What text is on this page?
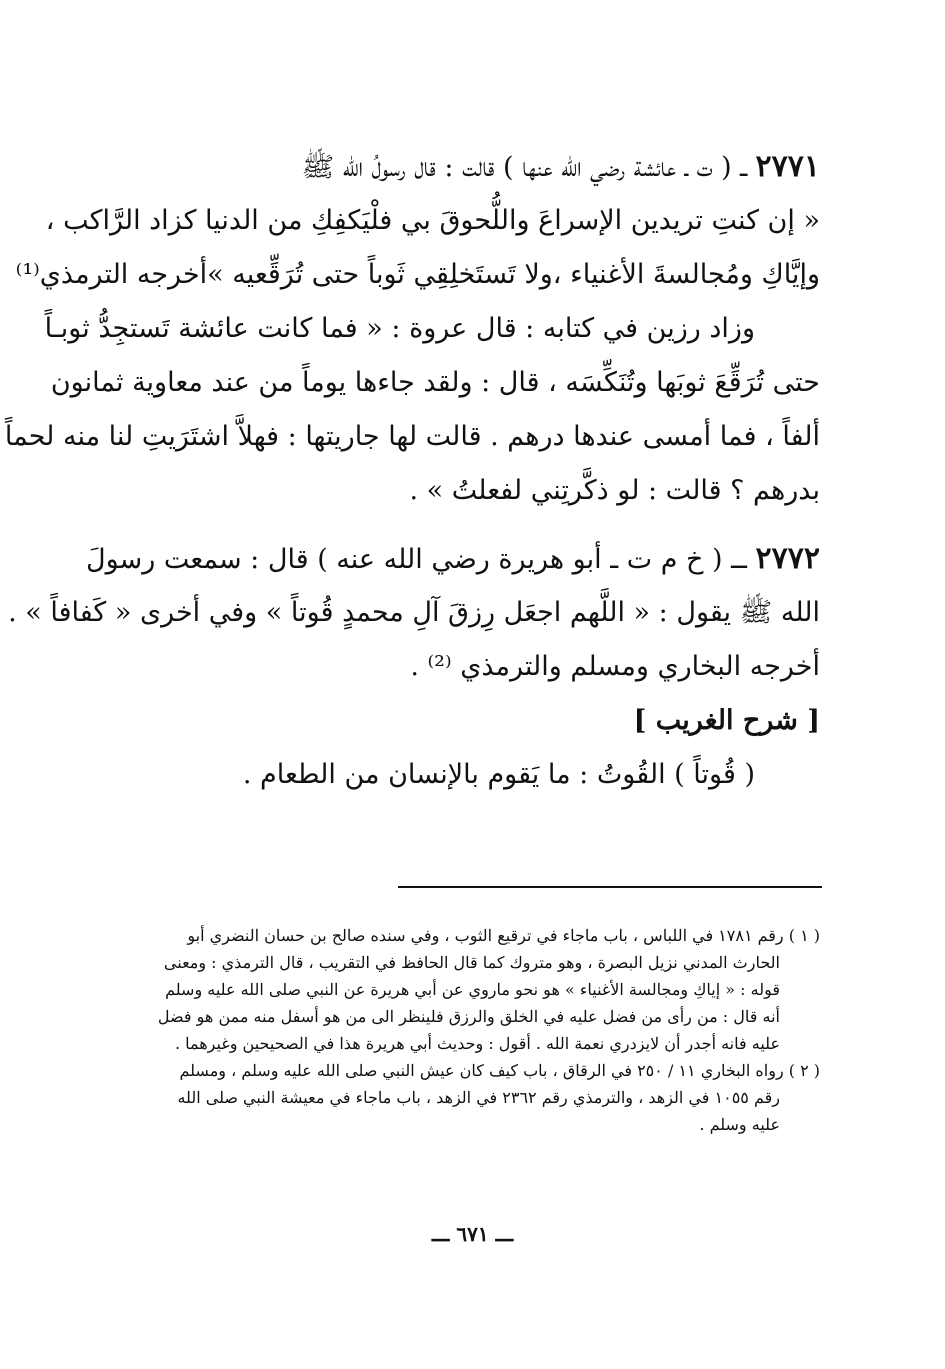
٢٧٧١ ــ ( ت ـ عائشة رضي الله عنها ) قالت : قال رسولُ الله ﷺ
« إن كنتِ تريدين الإسراعَ واللُّحوقَ بي فلْيَكفِكِ من الدنيا كزاد الرَّاكب ،
وإيَّاكِ ومُجالسةَ الأغنياء ،ولا تَستَخلِقِي ثَوباً حتى تُرَقِّعيه »أخرجه الترمذي⁽¹⁾
وزاد رزين في كتابه : قال عروة : « فما كانت عائشة تَستجِدُّ ثوبـاً
حتى تُرَقِّعَ ثوبَها وتُنَكِّسَه ، قال : ولقد جاءها يوماً من عند معاوية ثمانون
ألفاً ، فما أمسى عندها درهم . قالت لها جاريتها : فهلاَّ اشتَرَيتِ لنا منه لحماً
بدرهم ؟ قالت : لو ذكَّرتِني لفعلتُ » .
٢٧٧٢ ــ ( خ م ت ـ أبو هريرة رضي الله عنه ) قال : سمعت رسولَ
الله ﷺ يقول : « اللَّهم اجعَل رِزقَ آلِ محمدٍ قُوتاً » وفي أخرى « كَفافاً » .
أخرجه البخاري ومسلم والترمذي ⁽²⁾ .
[ شرح الغريب ]
( قُوتاً ) القُوتُ : ما يَقوم بالإنسان من الطعام .
( ١ ) رقم ١٧٨١ في اللباس ، باب ماجاء في ترقيع الثوب ، وفي سنده صالح بن حسان النضري أبو
الحارث المدني نزيل البصرة ، وهو متروك كما قال الحافظ في التقريب ، قال الترمذي : ومعنى
قوله : « إياكِ ومجالسة الأغنياء » هو نحو ماروي عن أبي هريرة عن النبي صلى الله عليه وسلم
أنه قال : من رأى من فضل عليه في الخلق والرزق فلينظر الى من هو أسفل منه ممن هو فضل
عليه فانه أجدر أن لايزدري نعمة الله . أقول : وحديث أبي هريرة هذا في الصحيحين وغيرهما .
( ٢ ) رواه البخاري ١١ / ٢٥٠ في الرقاق ، باب كيف كان عيش النبي صلى الله عليه وسلم ، ومسلم
رقم ١٠٥٥ في الزهد ، والترمذي رقم ٢٣٦٢ في الزهد ، باب ماجاء في معيشة النبي صلى الله
عليه وسلم .
ـــ ٦٧١ ـــ
